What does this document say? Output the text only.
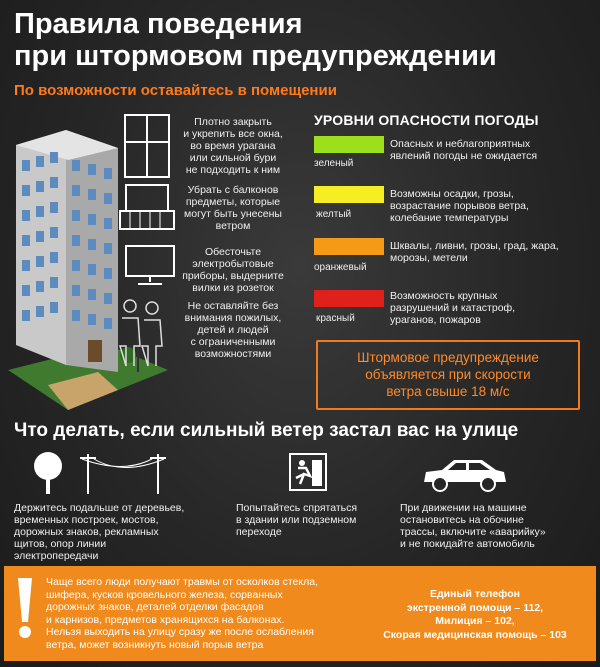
Правила поведения
при штормовом предупреждении
По возможности оставайтесь в помещении
Плотно закрыть
и укрепить все окна,
во время урагана
или сильной бури
не подходить к ним
Убрать с балконов
предметы, которые
могут быть унесены
ветром
Обесточьте
электробытовые
приборы, выдерните
вилки из розеток
Не оставляйте без
внимания пожилых,
детей и людей
с ограниченными
возможностями
УРОВНИ ОПАСНОСТИ ПОГОДЫ
зеленый
Опасных и неблагоприятных
явлений погоды не ожидается
желтый
Возможны осадки, грозы,
возрастание порывов ветра,
колебание температуры
оранжевый
Шквалы, ливни, грозы, град, жара,
морозы, метели
красный
Возможность крупных
разрушений и катастроф,
ураганов, пожаров
Штормовое предупреждение
объявляется при скорости
ветра свыше 18 м/с
Что делать, если сильный ветер застал вас на улице
Держитесь подальше от деревьев,
временных построек, мостов,
дорожных знаков, рекламных
щитов, опор линии
электропередачи
Попытайтесь спрятаться
в здании или подземном
переходе
При движении на машине
остановитесь на обочине
трассы, включите «аварийку»
и не покидайте автомобиль
Чаще всего люди получают травмы от осколков стекла,
шифера, кусков кровельного железа, сорванных
дорожных знаков, деталей отделки фасадов
и карнизов, предметов хранящихся на балконах.
Нельзя выходить на улицу сразу же после ослабления
ветра, может возникнуть новый порыв ветра
Единый телефон
экстренной помощи – 112,
Милиция – 102,
Скорая медицинская помощь – 103
